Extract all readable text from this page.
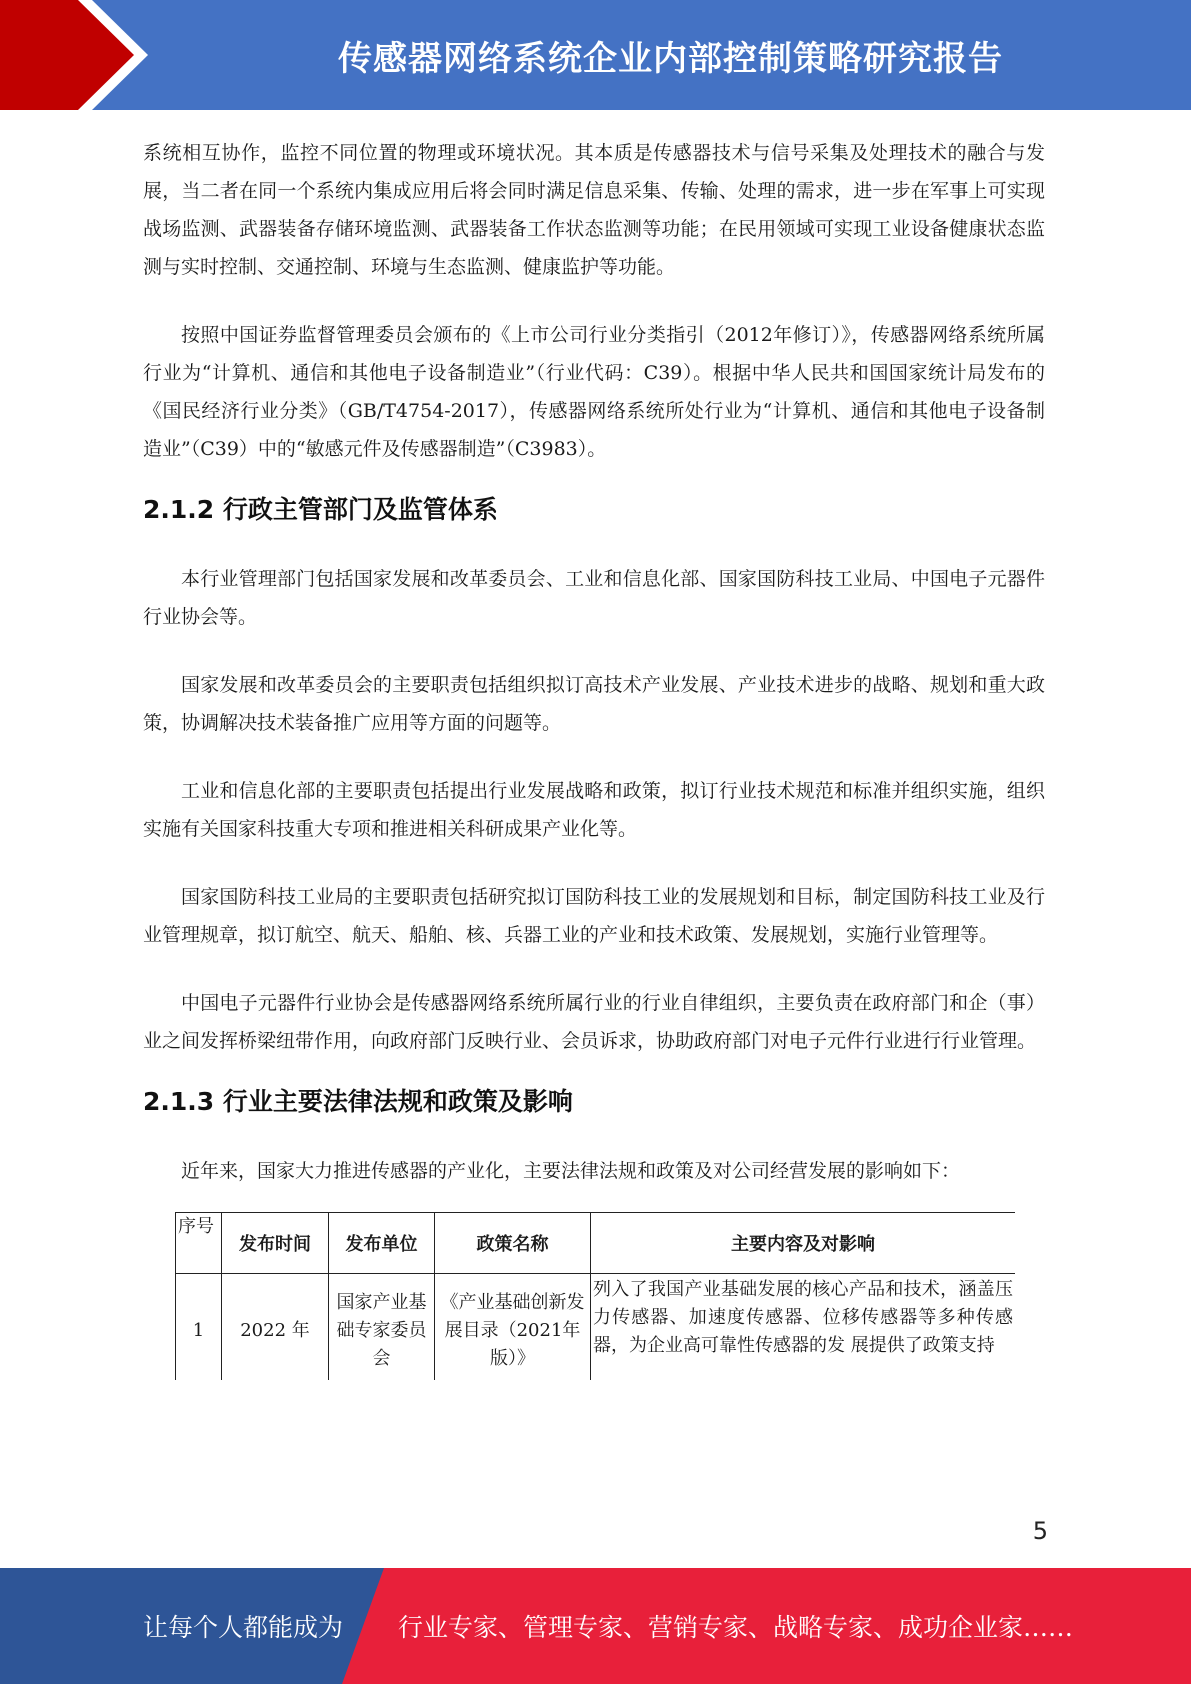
传感器网络系统企业内部控制策略研究报告

系统相互协作，监控不同位置的物理或环境状况。其本质是传感器技术与信号采集及处理技术的融合与发展，当二者在同一个系统内集成应用后将会同时满足信息采集、传输、处理的需求，进一步在军事上可实现战场监测、武器装备存储环境监测、武器装备工作状态监测等功能；在民用领域可实现工业设备健康状态监测与实时控制、交通控制、环境与生态监测、健康监护等功能。

按照中国证券监督管理委员会颁布的《上市公司行业分类指引（2012年修订）》，传感器网络系统所属行业为“计算机、通信和其他电子设备制造业”（行业代码：C39）。根据中华人民共和国国家统计局发布的《国民经济行业分类》（GB/T4754-2017），传感器网络系统所处行业为“计算机、通信和其他电子设备制造业”（C39）中的“敏感元件及传感器制造”（C3983）。

2.1.2 行政主管部门及监管体系

本行业管理部门包括国家发展和改革委员会、工业和信息化部、国家国防科技工业局、中国电子元器件行业协会等。

国家发展和改革委员会的主要职责包括组织拟订高技术产业发展、产业技术进步的战略、规划和重大政策，协调解决技术装备推广应用等方面的问题等。

工业和信息化部的主要职责包括提出行业发展战略和政策，拟订行业技术规范和标准并组织实施，组织实施有关国家科技重大专项和推进相关科研成果产业化等。

国家国防科技工业局的主要职责包括研究拟订国防科技工业的发展规划和目标，制定国防科技工业及行业管理规章，拟订航空、航天、船舶、核、兵器工业的产业和技术政策、发展规划，实施行业管理等。

中国电子元器件行业协会是传感器网络系统所属行业的行业自律组织，主要负责在政府部门和企（事）业之间发挥桥梁纽带作用，向政府部门反映行业、会员诉求，协助政府部门对电子元件行业进行行业管理。

2.1.3 行业主要法律法规和政策及影响

近年来，国家大力推进传感器的产业化，主要法律法规和政策及对公司经营发展的影响如下：

序号	发布时间	发布单位	政策名称	主要内容及对影响
1	2022 年	国家产业基础专家委员会	《产业基础创新发展目录（2021年版）》	列入了我国产业基础发展的核心产品和技术，涵盖压力传感器、加速度传感器、位移传感器等多种传感器，为企业高可靠性传感器的发 展提供了政策支持
5
让每个人都能成为 行业专家、管理专家、营销专家、战略专家、成功企业家……
